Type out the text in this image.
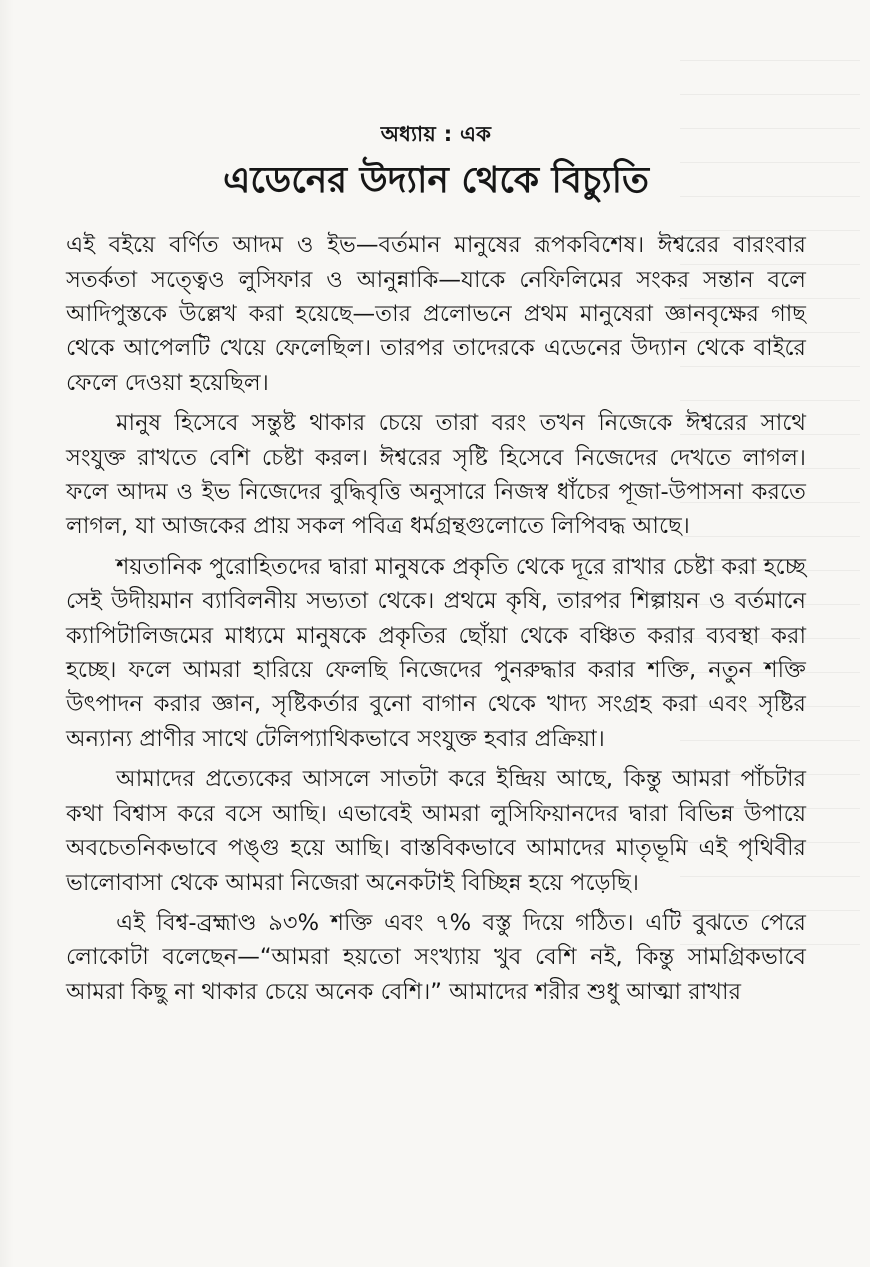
অধ্যায় : এক
এডেনের উদ্যান থেকে বিচ্যুতি

এই বইয়ে বর্ণিত আদম ও ইভ—বর্তমান মানুষের রূপকবিশেষ। ঈশ্বরের বারংবার সতর্কতা সত্ত্বেও লুসিফার ও আনুন্নাকি—যাকে নেফিলিমের সংকর সন্তান বলে আদিপুস্তকে উল্লেখ করা হয়েছে—তার প্রলোভনে প্রথম মানুষেরা জ্ঞানবৃক্ষের গাছ থেকে আপেলটি খেয়ে ফেলেছিল। তারপর তাদেরকে এডেনের উদ্যান থেকে বাইরে ফেলে দেওয়া হয়েছিল।

মানুষ হিসেবে সন্তুষ্ট থাকার চেয়ে তারা বরং তখন নিজেকে ঈশ্বরের সাথে সংযুক্ত রাখতে বেশি চেষ্টা করল। ঈশ্বরের সৃষ্টি হিসেবে নিজেদের দেখতে লাগল। ফলে আদম ও ইভ নিজেদের বুদ্ধিবৃত্তি অনুসারে নিজস্ব ধাঁচের পূজা-উপাসনা করতে লাগল, যা আজকের প্রায় সকল পবিত্র ধর্মগ্রন্থগুলোতে লিপিবদ্ধ আছে।

শয়তানিক পুরোহিতদের দ্বারা মানুষকে প্রকৃতি থেকে দূরে রাখার চেষ্টা করা হচ্ছে সেই উদীয়মান ব্যাবিলনীয় সভ্যতা থেকে। প্রথমে কৃষি, তারপর শিল্পায়ন ও বর্তমানে ক্যাপিটালিজমের মাধ্যমে মানুষকে প্রকৃতির ছোঁয়া থেকে বঞ্চিত করার ব্যবস্থা করা হচ্ছে। ফলে আমরা হারিয়ে ফেলছি নিজেদের পুনরুদ্ধার করার শক্তি, নতুন শক্তি উৎপাদন করার জ্ঞান, সৃষ্টিকর্তার বুনো বাগান থেকে খাদ্য সংগ্রহ করা এবং সৃষ্টির অন্যান্য প্রাণীর সাথে টেলিপ্যাথিকভাবে সংযুক্ত হবার প্রক্রিয়া।

আমাদের প্রত্যেকের আসলে সাতটা করে ইন্দ্রিয় আছে, কিন্তু আমরা পাঁচটার কথা বিশ্বাস করে বসে আছি। এভাবেই আমরা লুসিফিয়ানদের দ্বারা বিভিন্ন উপায়ে অবচেতনিকভাবে পঙ্গু হয়ে আছি। বাস্তবিকভাবে আমাদের মাতৃভূমি এই পৃথিবীর ভালোবাসা থেকে আমরা নিজেরা অনেকটাই বিচ্ছিন্ন হয়ে পড়েছি।

এই বিশ্ব-ব্রহ্মাণ্ড ৯৩% শক্তি এবং ৭% বস্তু দিয়ে গঠিত। এটি বুঝতে পেরে লোকোটা বলেছেন—“আমরা হয়তো সংখ্যায় খুব বেশি নই, কিন্তু সামগ্রিকভাবে আমরা কিছু না থাকার চেয়ে অনেক বেশি।” আমাদের শরীর শুধু আত্মা রাখার
